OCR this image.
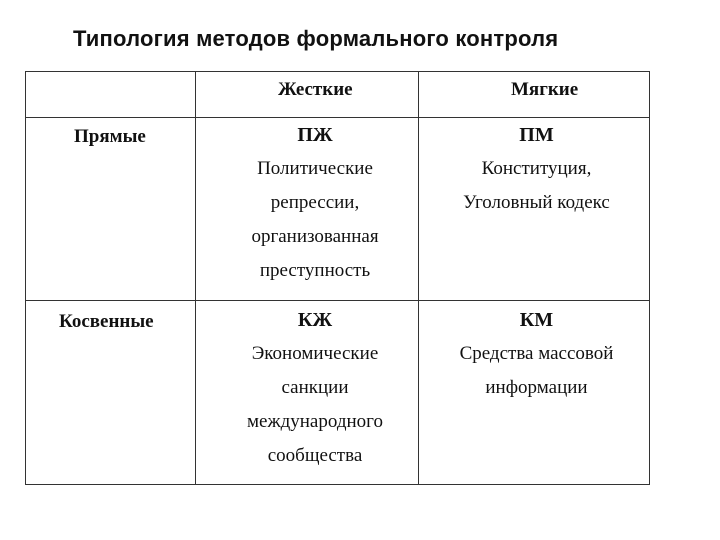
Типология методов формального контроля
Жесткие	Мягкие
Прямые
Косвенные
ПЖ
Политические
репрессии,
организованная
преступность
ПМ
Конституция,
Уголовный кодекс
КЖ
Экономические
санкции
международного
сообщества
КМ
Средства массовой
информации
